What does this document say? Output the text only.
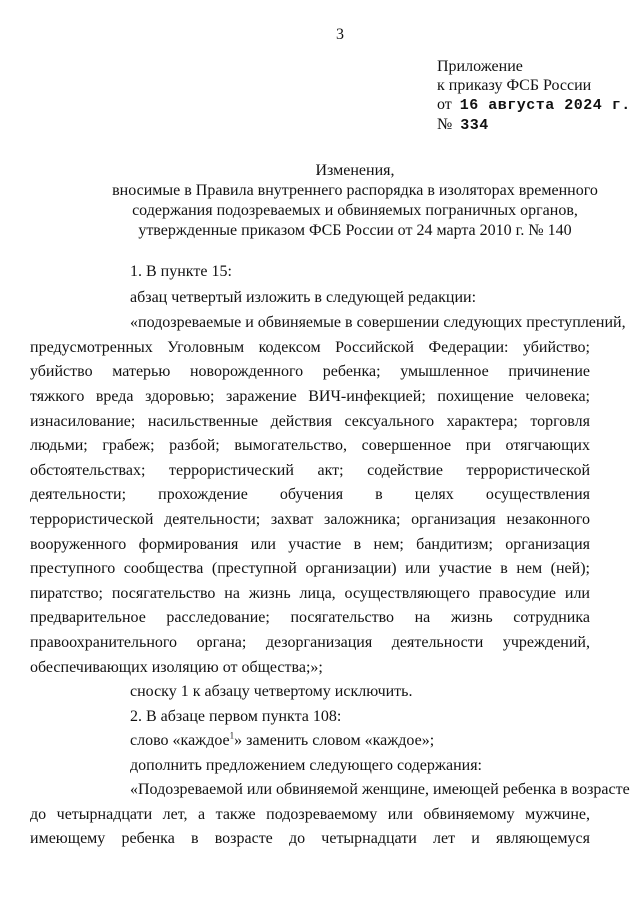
3
Приложение
к приказу ФСБ России
от 16 августа 2024 г.
№ 334
Изменения,
вносимые в Правила внутреннего распорядка в изоляторах временного
содержания подозреваемых и обвиняемых пограничных органов,
утвержденные приказом ФСБ России от 24 марта 2010 г. № 140
1. В пункте 15:
абзац четвертый изложить в следующей редакции:
«подозреваемые и обвиняемые в совершении следующих преступлений,
предусмотренных Уголовным кодексом Российской Федерации: убийство;
убийство матерью новорожденного ребенка; умышленное причинение
тяжкого вреда здоровью; заражение ВИЧ-инфекцией; похищение человека;
изнасилование; насильственные действия сексуального характера; торговля
людьми; грабеж; разбой; вымогательство, совершенное при отягчающих
обстоятельствах; террористический акт; содействие террористической
деятельности; прохождение обучения в целях осуществления
террористической деятельности; захват заложника; организация незаконного
вооруженного формирования или участие в нем; бандитизм; организация
преступного сообщества (преступной организации) или участие в нем (ней);
пиратство; посягательство на жизнь лица, осуществляющего правосудие или
предварительное расследование; посягательство на жизнь сотрудника
правоохранительного органа; дезорганизация деятельности учреждений,
обеспечивающих изоляцию от общества;»;
сноску 1 к абзацу четвертому исключить.
2. В абзаце первом пункта 108:
слово «каждое$^1$» заменить словом «каждое»;
дополнить предложением следующего содержания:
«Подозреваемой или обвиняемой женщине, имеющей ребенка в возрасте
до четырнадцати лет, а также подозреваемому или обвиняемому мужчине,
имеющему ребенка в возрасте до четырнадцати лет и являющемуся
